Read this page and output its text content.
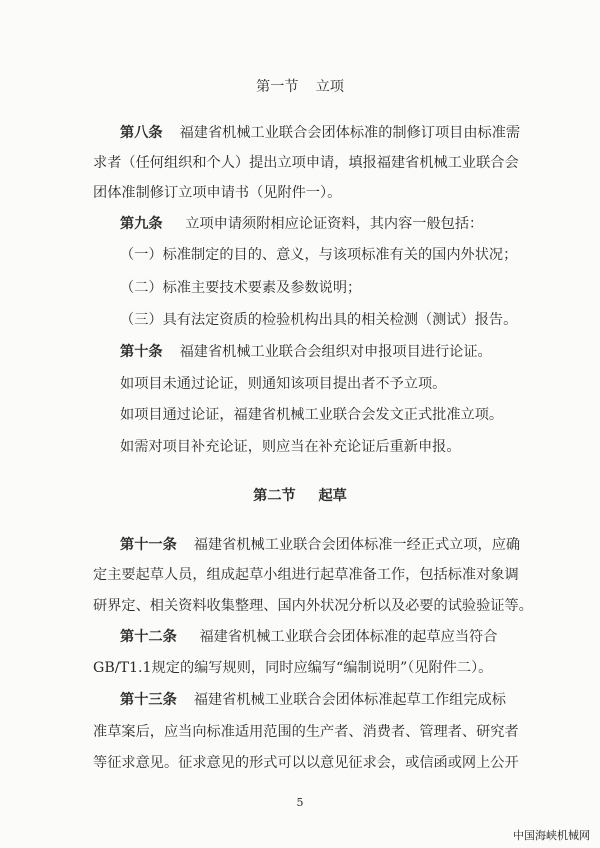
第一节 立项
第八条 福建省机械工业联合会团体标准的制修订项目由标准需
求者（任何组织和个人）提出立项申请，填报福建省机械工业联合会
团体准制修订立项申请书（见附件一）。
第九条 立项申请须附相应论证资料，其内容一般包括：
（一）标准制定的目的、意义，与该项标准有关的国内外状况；
（二）标准主要技术要素及参数说明；
（三）具有法定资质的检验机构出具的相关检测（测试）报告。
第十条 福建省机械工业联合会组织对申报项目进行论证。
如项目未通过论证，则通知该项目提出者不予立项。
如项目通过论证，福建省机械工业联合会发文正式批准立项。
如需对项目补充论证，则应当在补充论证后重新申报。
第二节 起草
第十一条 福建省机械工业联合会团体标准一经正式立项，应确
定主要起草人员，组成起草小组进行起草准备工作，包括标准对象调
研界定、相关资料收集整理、国内外状况分析以及必要的试验验证等。
第十二条 福建省机械工业联合会团体标准的起草应当符合
GB/T1.1规定的编写规则，同时应编写“编制说明”（见附件二）。
第十三条 福建省机械工业联合会团体标准起草工作组完成标
准草案后，应当向标准适用范围的生产者、消费者、管理者、研究者
等征求意见。征求意见的形式可以以意见征求会，或信函或网上公开
5
中国海峡机械网
